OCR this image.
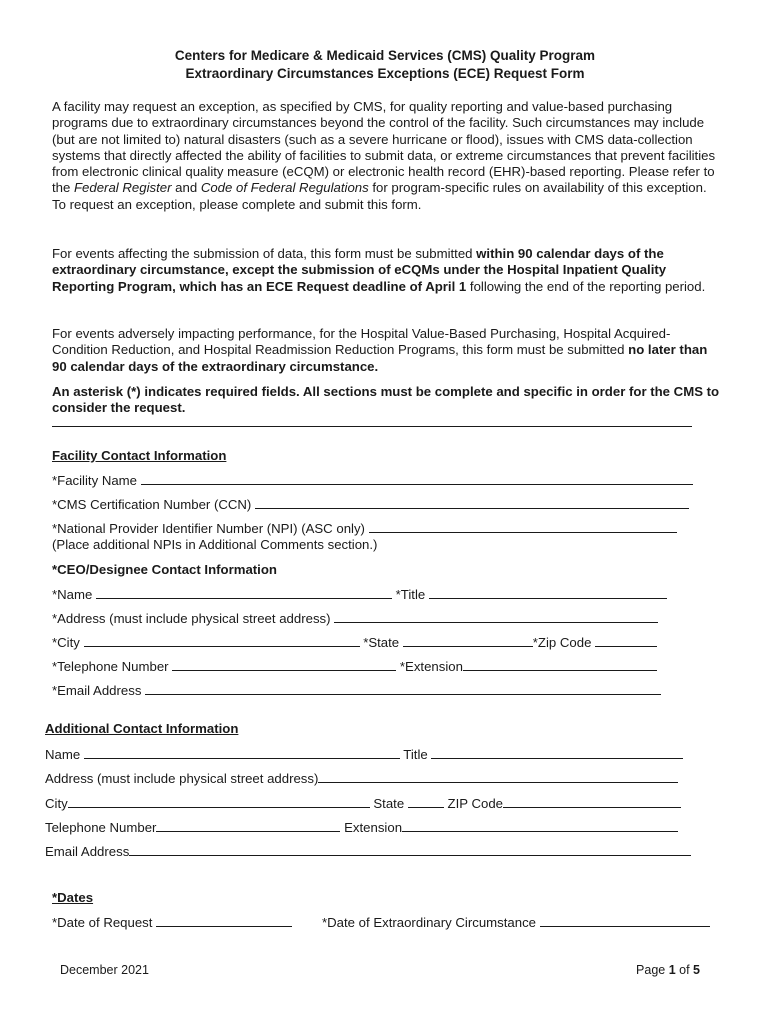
Centers for Medicare & Medicaid Services (CMS) Quality Program
Extraordinary Circumstances Exceptions (ECE) Request Form
A facility may request an exception, as specified by CMS, for quality reporting and value-based purchasing programs due to extraordinary circumstances beyond the control of the facility. Such circumstances may include (but are not limited to) natural disasters (such as a severe hurricane or flood), issues with CMS data-collection systems that directly affected the ability of facilities to submit data, or extreme circumstances that prevent facilities from electronic clinical quality measure (eCQM) or electronic health record (EHR)-based reporting. Please refer to the Federal Register and Code of Federal Regulations for program-specific rules on availability of this exception. To request an exception, please complete and submit this form.
For events affecting the submission of data, this form must be submitted within 90 calendar days of the extraordinary circumstance, except the submission of eCQMs under the Hospital Inpatient Quality Reporting Program, which has an ECE Request deadline of April 1 following the end of the reporting period.
For events adversely impacting performance, for the Hospital Value-Based Purchasing, Hospital Acquired-Condition Reduction, and Hospital Readmission Reduction Programs, this form must be submitted no later than 90 calendar days of the extraordinary circumstance.
An asterisk (*) indicates required fields. All sections must be complete and specific in order for the CMS to consider the request.
Facility Contact Information
*Facility Name
*CMS Certification Number (CCN)
*National Provider Identifier Number (NPI) (ASC only)
(Place additional NPIs in Additional Comments section.)
*CEO/Designee Contact Information
*Name	*Title
*Address (must include physical street address)
*City	*State	*Zip Code
*Telephone Number	*Extension
*Email Address
Additional Contact Information
Name	Title
Address (must include physical street address)
City	State	ZIP Code
Telephone Number	Extension
Email Address
*Dates
*Date of Request	*Date of Extraordinary Circumstance
December 2021	Page 1 of 5
